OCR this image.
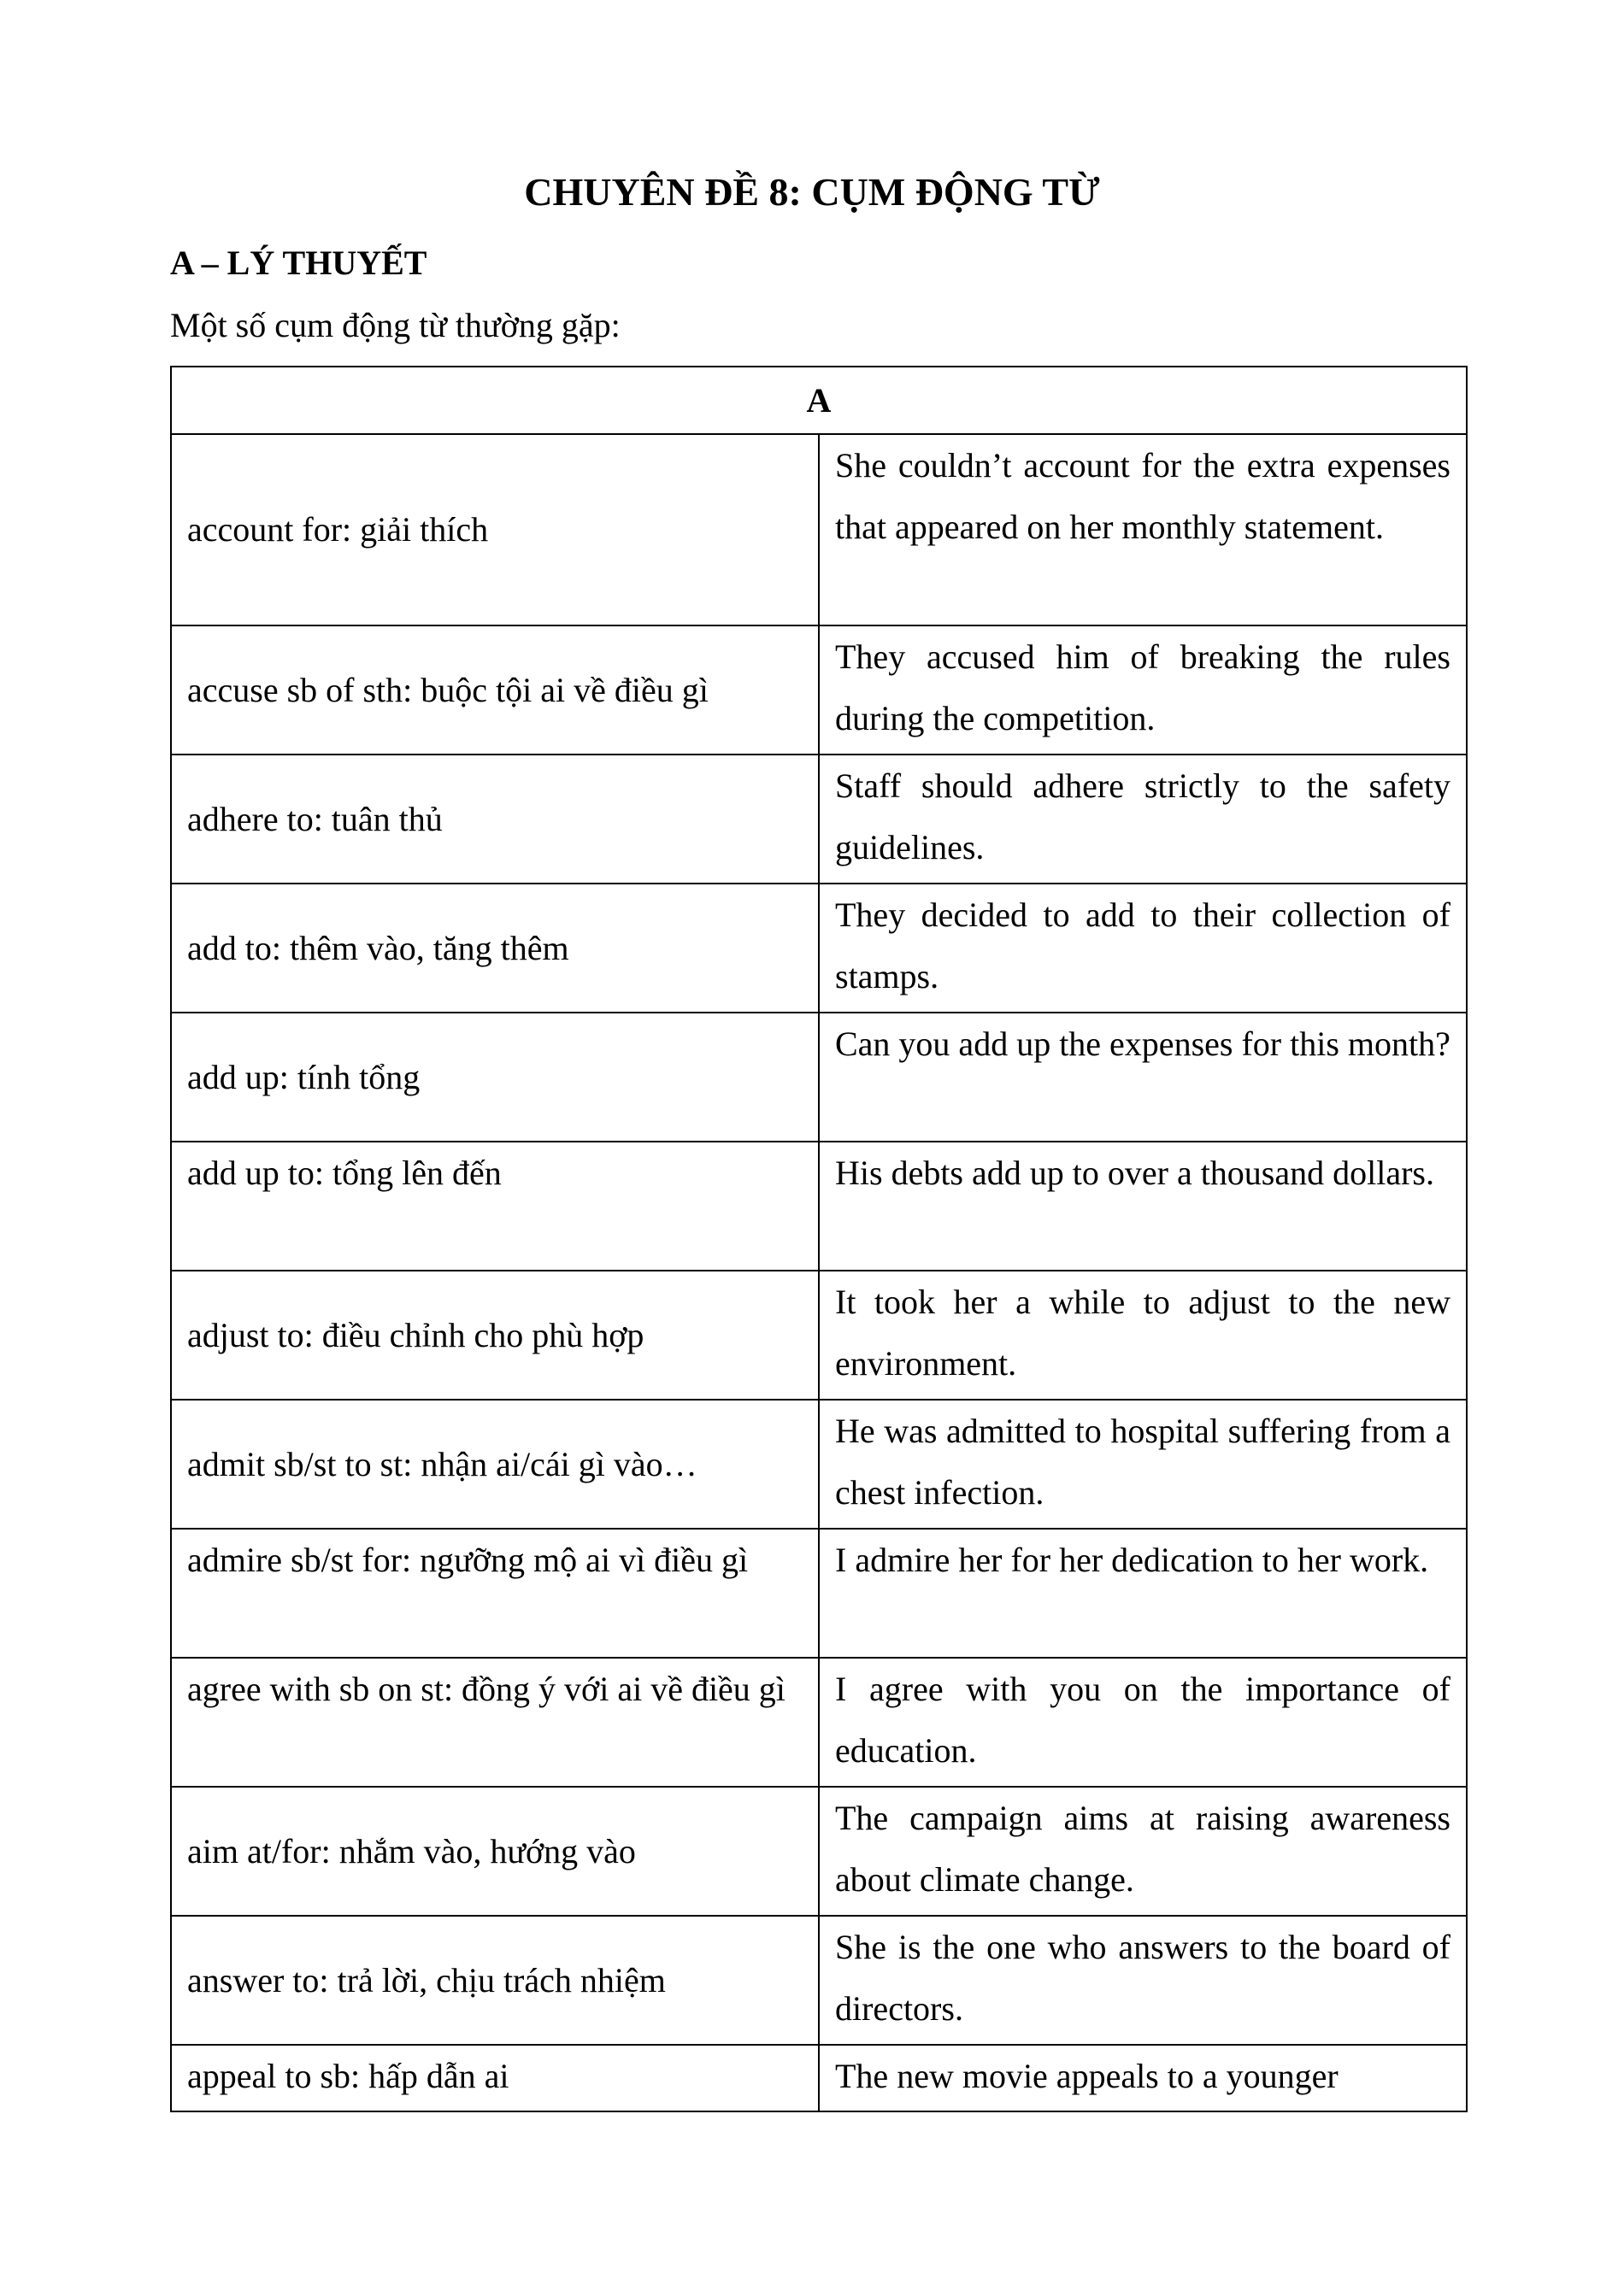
CHUYÊN ĐỀ 8: CỤM ĐỘNG TỪ
A – LÝ THUYẾT
Một số cụm động từ thường gặp:
A	
account for: giải thích	She couldn’t account for the extra expenses that appeared on her monthly statement.
accuse sb of sth: buộc tội ai về điều gì	They accused him of breaking the rules during the competition.
adhere to: tuân thủ	Staff should adhere strictly to the safety guidelines.
add to: thêm vào, tăng thêm	They decided to add to their collection of stamps.
add up: tính tổng	Can you add up the expenses for this month?
add up to: tổng lên đến	His debts add up to over a thousand dollars.
adjust to: điều chỉnh cho phù hợp	It took her a while to adjust to the new environment.
admit sb/st to st: nhận ai/cái gì vào…	He was admitted to hospital suffering from a chest infection.
admire sb/st for: ngưỡng mộ ai vì điều gì	I admire her for her dedication to her work.
agree with sb on st: đồng ý với ai về điều gì	I agree with you on the importance of education.
aim at/for: nhắm vào, hướng vào	The campaign aims at raising awareness about climate change.
answer to: trả lời, chịu trách nhiệm	She is the one who answers to the board of directors.
appeal to sb: hấp dẫn ai	The new movie appeals to a younger
